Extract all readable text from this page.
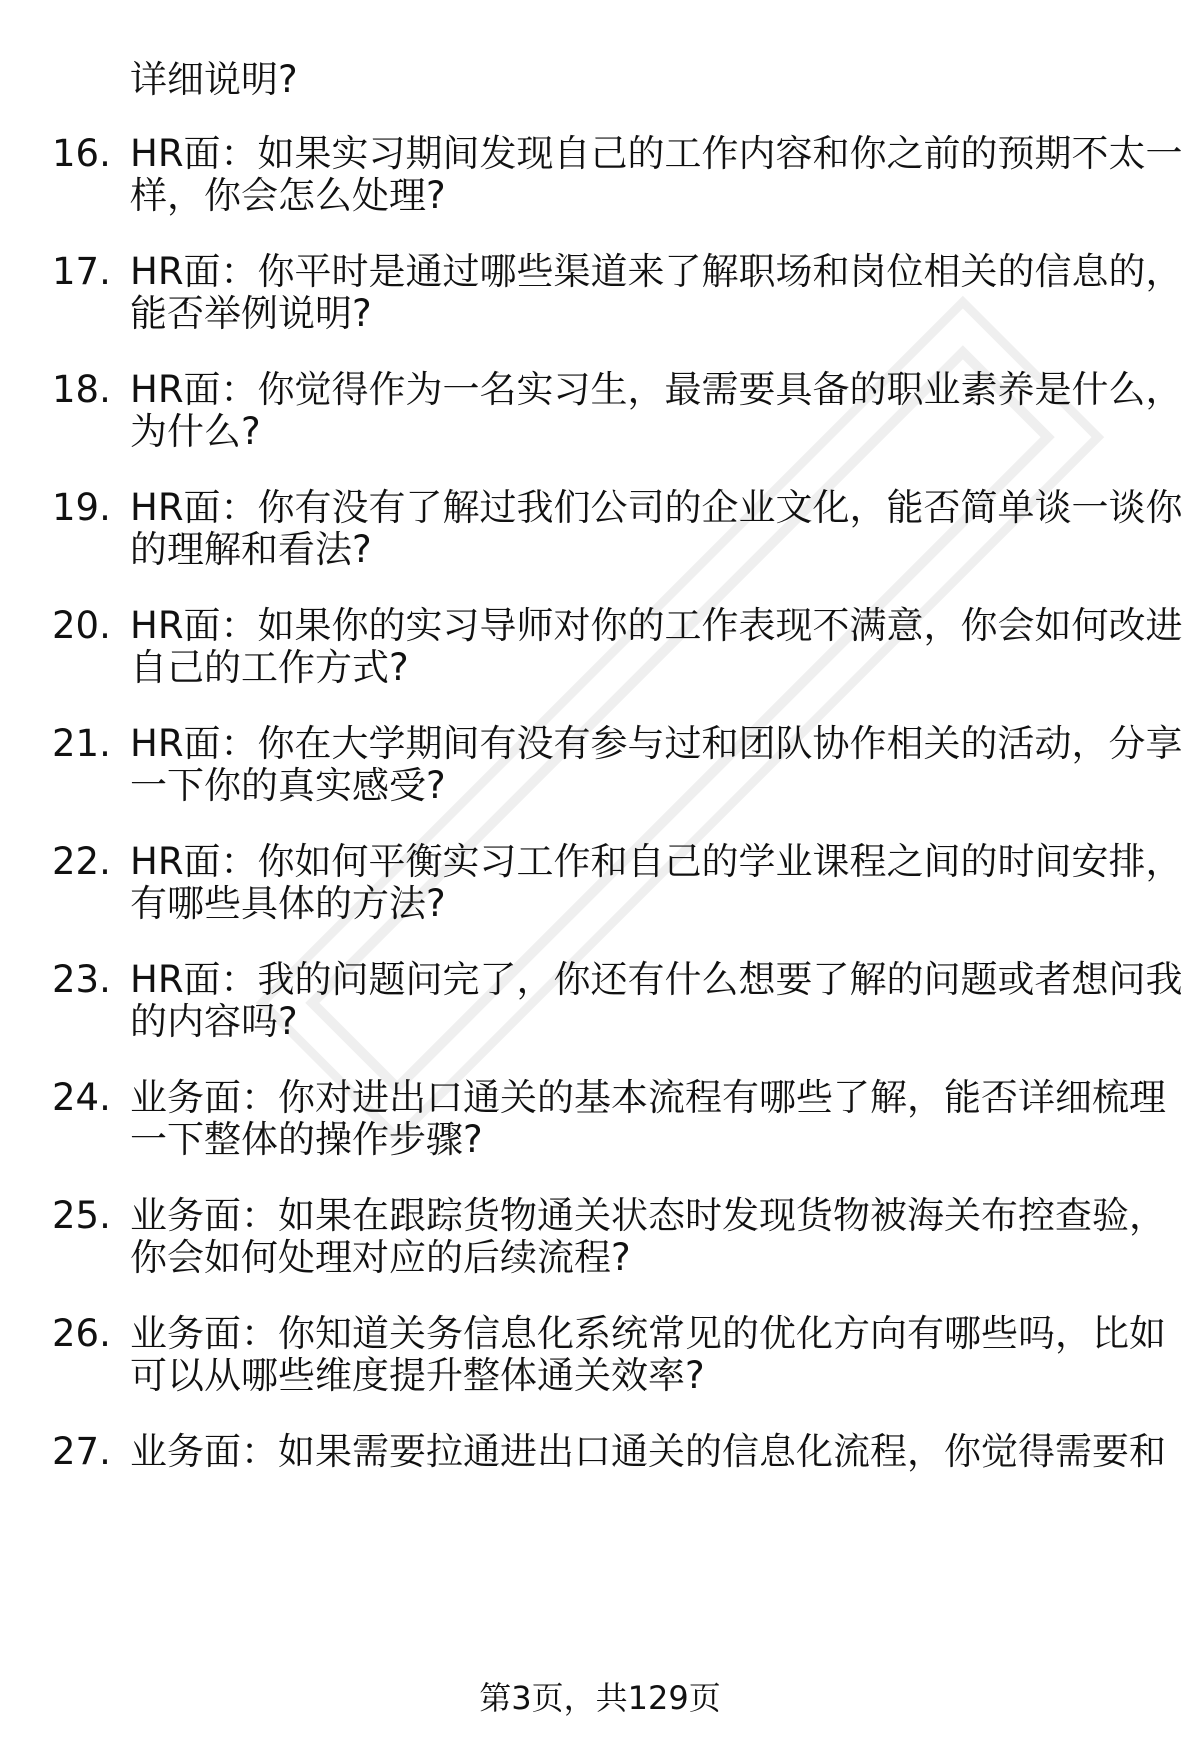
详细说明?
16. HR面：如果实习期间发现自己的工作内容和你之前的预期不太一
样，你会怎么处理?
17. HR面：你平时是通过哪些渠道来了解职场和岗位相关的信息的，
能否举例说明?
18. HR面：你觉得作为一名实习生，最需要具备的职业素养是什么，
为什么?
19. HR面：你有没有了解过我们公司的企业文化，能否简单谈一谈你
的理解和看法?
20. HR面：如果你的实习导师对你的工作表现不满意，你会如何改进
自己的工作方式?
21. HR面：你在大学期间有没有参与过和团队协作相关的活动，分享
一下你的真实感受?
22. HR面：你如何平衡实习工作和自己的学业课程之间的时间安排，
有哪些具体的方法?
23. HR面：我的问题问完了，你还有什么想要了解的问题或者想问我
的内容吗?
24. 业务面：你对进出口通关的基本流程有哪些了解，能否详细梳理
一下整体的操作步骤?
25. 业务面：如果在跟踪货物通关状态时发现货物被海关布控查验，
你会如何处理对应的后续流程?
26. 业务面：你知道关务信息化系统常见的优化方向有哪些吗，比如
可以从哪些维度提升整体通关效率?
27. 业务面：如果需要拉通进出口通关的信息化流程，你觉得需要和
第3页，共129页
